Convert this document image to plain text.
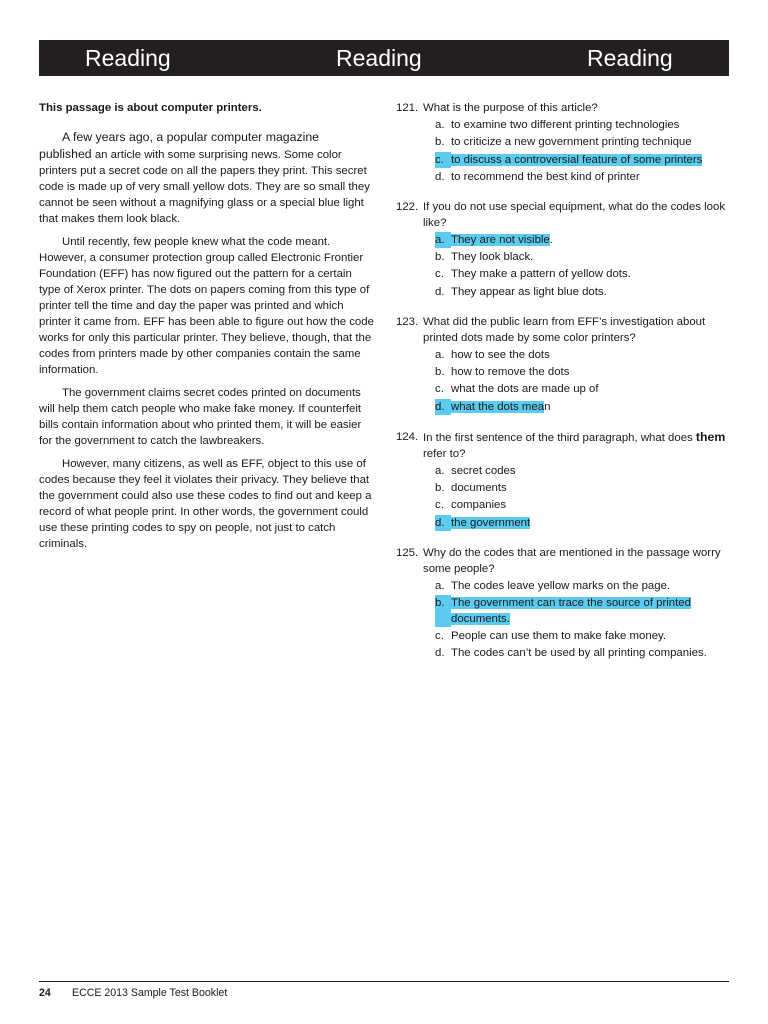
Reading	Reading	Reading

This passage is about computer printers.

A few years ago, a popular computer magazine published an article with some surprising news. Some color printers put a secret code on all the papers they print. This secret code is made up of very small yellow dots. They are so small they cannot be seen without a magnifying glass or a special blue light that makes them look black.

Until recently, few people knew what the code meant. However, a consumer protection group called Electronic Frontier Foundation (EFF) has now figured out the pattern for a certain type of Xerox printer. The dots on papers coming from this type of printer tell the time and day the paper was printed and which printer it came from. EFF has been able to figure out how the code works for only this particular printer. They believe, though, that the codes from printers made by other companies contain the same information.

The government claims secret codes printed on documents will help them catch people who make fake money. If counterfeit bills contain information about who printed them, it will be easier for the government to catch the lawbreakers.

However, many citizens, as well as EFF, object to this use of codes because they feel it violates their privacy. They believe that the government could also use these codes to find out and keep a record of what people print. In other words, the government could use these printing codes to spy on people, not just to catch criminals.

121. What is the purpose of this article?
a. to examine two different printing technologies
b. to criticize a new government printing technique
c. to discuss a controversial feature of some printers
d. to recommend the best kind of printer
122. If you do not use special equipment, what do the codes look like?
a. They are not visible.
b. They look black.
c. They make a pattern of yellow dots.
d. They appear as light blue dots.
123. What did the public learn from EFF’s investigation about printed dots made by some color printers?
a. how to see the dots
b. how to remove the dots
c. what the dots are made up of
d. what the dots mean
124. In the first sentence of the third paragraph, what does them refer to?
a. secret codes
b. documents
c. companies
d. the government
125. Why do the codes that are mentioned in the passage worry some people?
a. The codes leave yellow marks on the page.
b. The government can trace the source of printed documents.
c. People can use them to make fake money.
d. The codes can’t be used by all printing companies.
24 ECCE 2013 Sample Test Booklet
